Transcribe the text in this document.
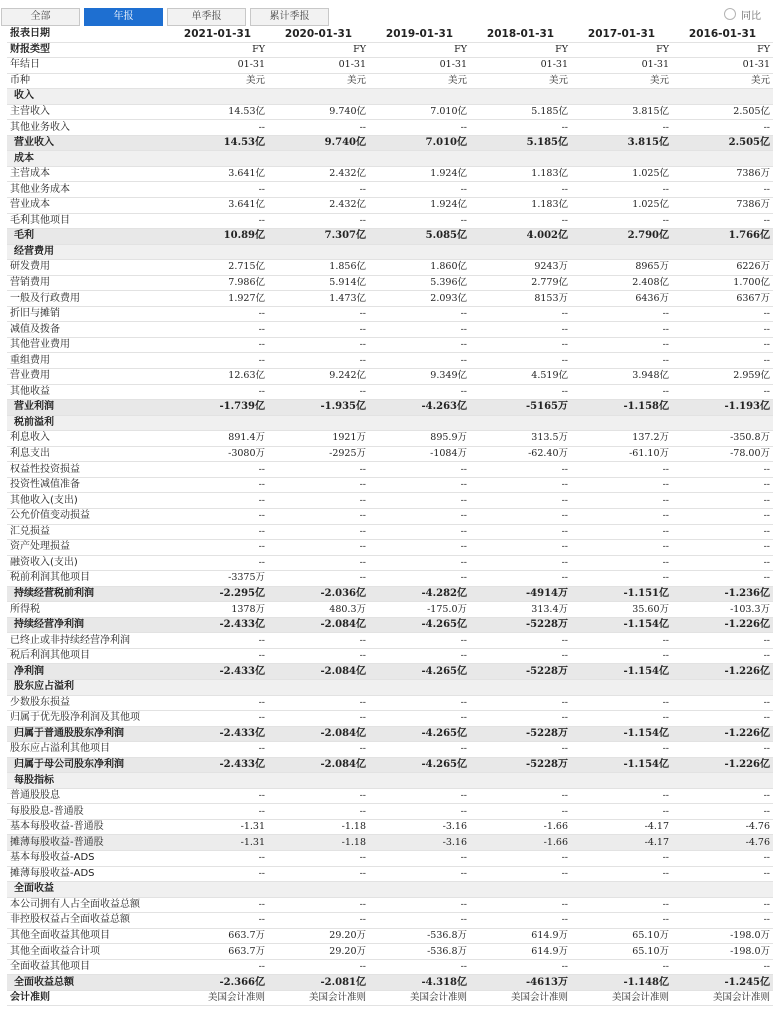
全部	年报	单季报	累计季报	同比
报表日期	2021-01-31	2020-01-31	2019-01-31	2018-01-31	2017-01-31	2016-01-31
财报类型	FY	FY	FY	FY	FY	FY
年结日	01-31	01-31	01-31	01-31	01-31	01-31
币种	美元	美元	美元	美元	美元	美元
收入						
主营收入	14.53亿	9.740亿	7.010亿	5.185亿	3.815亿	2.505亿
其他业务收入	--	--	--	--	--	--
营业收入	14.53亿	9.740亿	7.010亿	5.185亿	3.815亿	2.505亿
成本						
主营成本	3.641亿	2.432亿	1.924亿	1.183亿	1.025亿	7386万
其他业务成本	--	--	--	--	--	--
营业成本	3.641亿	2.432亿	1.924亿	1.183亿	1.025亿	7386万
毛利其他项目	--	--	--	--	--	--
毛利	10.89亿	7.307亿	5.085亿	4.002亿	2.790亿	1.766亿
经营费用						
研发费用	2.715亿	1.856亿	1.860亿	9243万	8965万	6226万
营销费用	7.986亿	5.914亿	5.396亿	2.779亿	2.408亿	1.700亿
一般及行政费用	1.927亿	1.473亿	2.093亿	8153万	6436万	6367万
折旧与摊销	--	--	--	--	--	--
减值及拨备	--	--	--	--	--	--
其他营业费用	--	--	--	--	--	--
重组费用	--	--	--	--	--	--
营业费用	12.63亿	9.242亿	9.349亿	4.519亿	3.948亿	2.959亿
其他收益	--	--	--	--	--	--
营业利润	-1.739亿	-1.935亿	-4.263亿	-5165万	-1.158亿	-1.193亿
税前溢利						
利息收入	891.4万	1921万	895.9万	313.5万	137.2万	-350.8万
利息支出	-3080万	-2925万	-1084万	-62.40万	-61.10万	-78.00万
权益性投资损益	--	--	--	--	--	--
投资性减值准备	--	--	--	--	--	--
其他收入(支出)	--	--	--	--	--	--
公允价值变动损益	--	--	--	--	--	--
汇兑损益	--	--	--	--	--	--
资产处理损益	--	--	--	--	--	--
融资收入(支出)	--	--	--	--	--	--
税前利润其他项目	-3375万	--	--	--	--	--
持续经营税前利润	-2.295亿	-2.036亿	-4.282亿	-4914万	-1.151亿	-1.236亿
所得税	1378万	480.3万	-175.0万	313.4万	35.60万	-103.3万
持续经营净利润	-2.433亿	-2.084亿	-4.265亿	-5228万	-1.154亿	-1.226亿
已终止或非持续经营净利润	--	--	--	--	--	--
税后利润其他项目	--	--	--	--	--	--
净利润	-2.433亿	-2.084亿	-4.265亿	-5228万	-1.154亿	-1.226亿
股东应占溢利						
少数股东损益	--	--	--	--	--	--
归属于优先股净利润及其他项	--	--	--	--	--	--
归属于普通股股东净利润	-2.433亿	-2.084亿	-4.265亿	-5228万	-1.154亿	-1.226亿
股东应占溢利其他项目	--	--	--	--	--	--
归属于母公司股东净利润	-2.433亿	-2.084亿	-4.265亿	-5228万	-1.154亿	-1.226亿
每股指标						
普通股股息	--	--	--	--	--	--
每股股息-普通股	--	--	--	--	--	--
基本每股收益-普通股	-1.31	-1.18	-3.16	-1.66	-4.17	-4.76
摊薄每股收益-普通股	-1.31	-1.18	-3.16	-1.66	-4.17	-4.76
基本每股收益-ADS	--	--	--	--	--	--
摊薄每股收益-ADS	--	--	--	--	--	--
全面收益						
本公司拥有人占全面收益总额	--	--	--	--	--	--
非控股权益占全面收益总额	--	--	--	--	--	--
其他全面收益其他项目	663.7万	29.20万	-536.8万	614.9万	65.10万	-198.0万
其他全面收益合计项	663.7万	29.20万	-536.8万	614.9万	65.10万	-198.0万
全面收益其他项目	--	--	--	--	--	--
全面收益总额	-2.366亿	-2.081亿	-4.318亿	-4613万	-1.148亿	-1.245亿
会计准则	美国会计准则	美国会计准则	美国会计准则	美国会计准则	美国会计准则	美国会计准则
